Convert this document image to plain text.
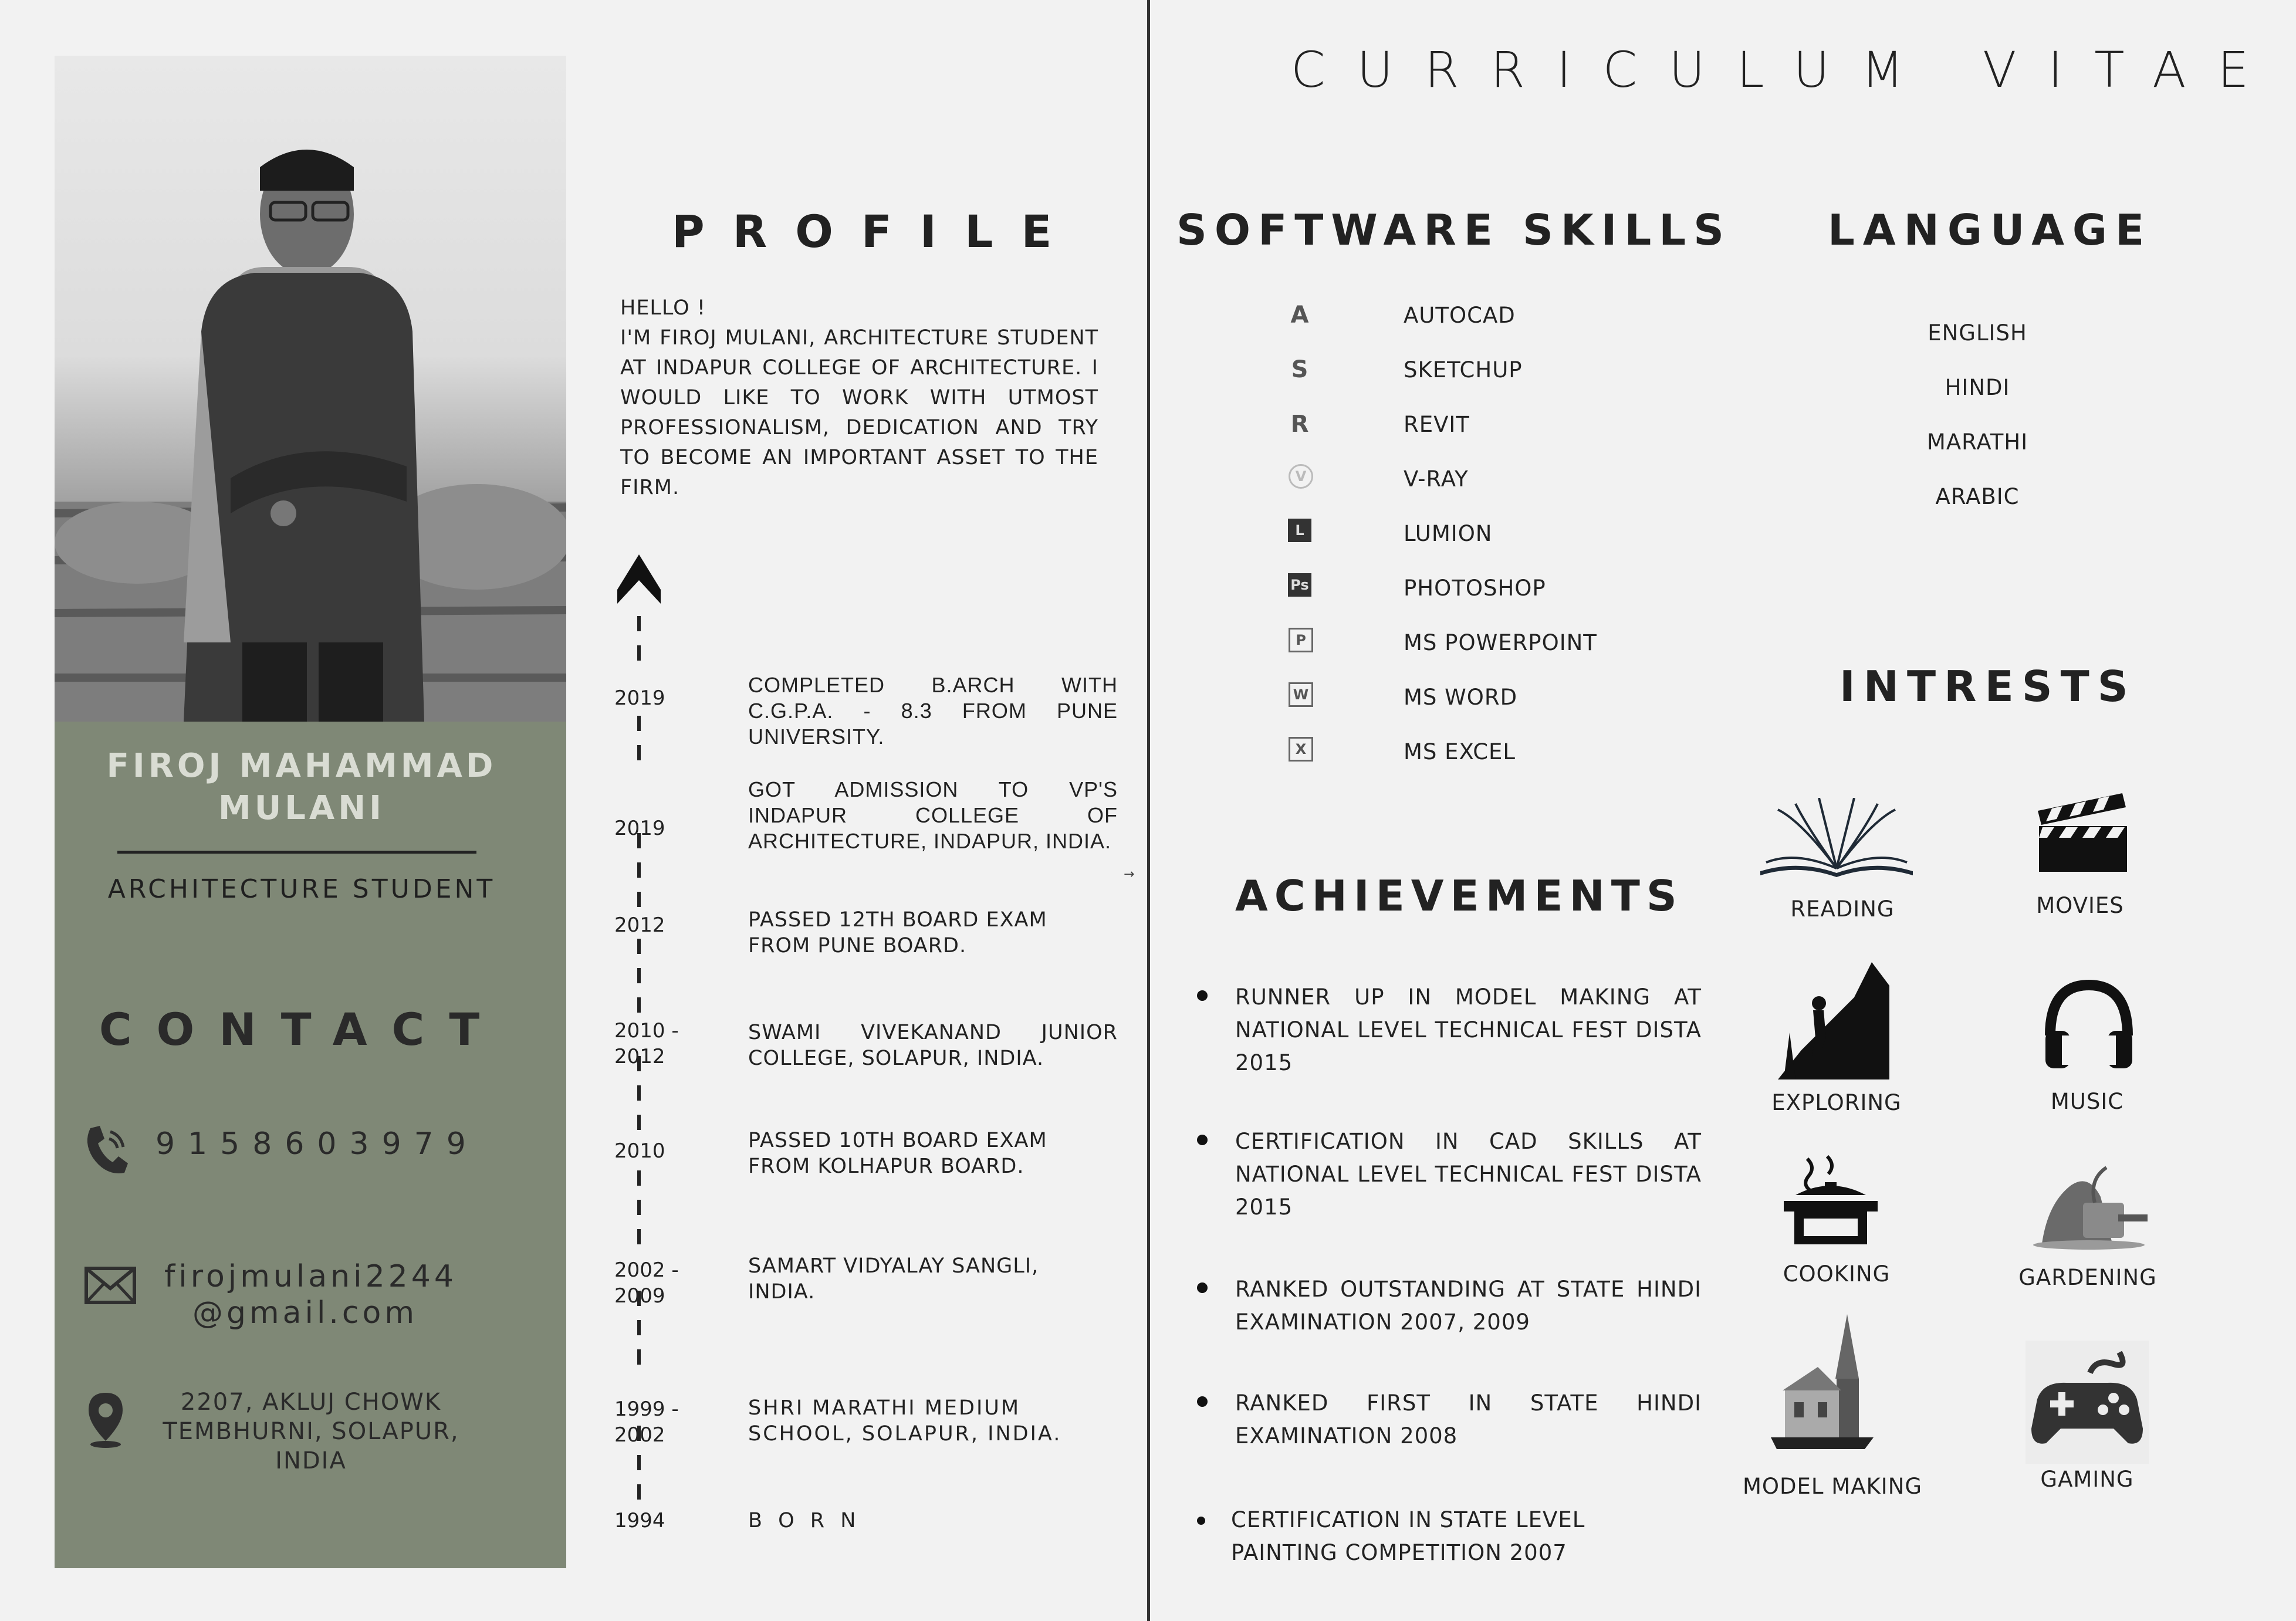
CURRICULUM VITAE
FIROJ MAHAMMAD
MULANI
ARCHITECTURE STUDENT
CONTACT
9158603979
firojmulani2244
@gmail.com
2207, AKLUJ CHOWK
TEMBHURNI, SOLAPUR,
INDIA
PROFILE
HELLO !
I'M FIROJ MULANI, ARCHITECTURE STUDENT AT INDAPUR COLLEGE OF ARCHITECTURE. I WOULD LIKE TO WORK WITH UTMOST PROFESSIONALISM, DEDICATION AND TRY TO BECOME AN IMPORTANT ASSET TO THE FIRM.
2019
COMPLETED B.ARCH WITH C.G.P.A. - 8.3 FROM PUNE UNIVERSITY.
2019
GOT ADMISSION TO VP'S INDAPUR COLLEGE OF ARCHITECTURE, INDAPUR, INDIA.
2012	PASSED 12TH BOARD EXAM FROM PUNE BOARD.
2010 - 2012
SWAMI VIVEKANAND JUNIOR COLLEGE, SOLAPUR, INDIA.
2010	PASSED 10TH BOARD EXAM FROM KOLHAPUR BOARD.
2002 - 2009
SAMART VIDYALAY SANGLI, INDIA.
1999 - 2002
SHRI MARATHI MEDIUM SCHOOL, SOLAPUR, INDIA.
1994	B O R N
→
SOFTWARE SKILLS
A	AUTOCAD
S	SKETCHUP
R	REVIT
V	V-RAY
L	LUMION
Ps	PHOTOSHOP
P	MS POWERPOINT
W	MS WORD
X	MS EXCEL
LANGUAGE
ENGLISH
HINDI
MARATHI
ARABIC
ACHIEVEMENTS
RUNNER UP IN MODEL MAKING AT NATIONAL LEVEL TECHNICAL FEST DISTA 2015
CERTIFICATION IN CAD SKILLS AT NATIONAL LEVEL TECHNICAL FEST DISTA 2015
RANKED OUTSTANDING AT STATE HINDI EXAMINATION 2007, 2009
RANKED FIRST IN STATE HINDI EXAMINATION 2008
CERTIFICATION IN STATE LEVEL PAINTING COMPETITION 2007
INTRESTS
READING	MOVIES
EXPLORING	MUSIC
COOKING	GARDENING
MODEL MAKING	GAMING
